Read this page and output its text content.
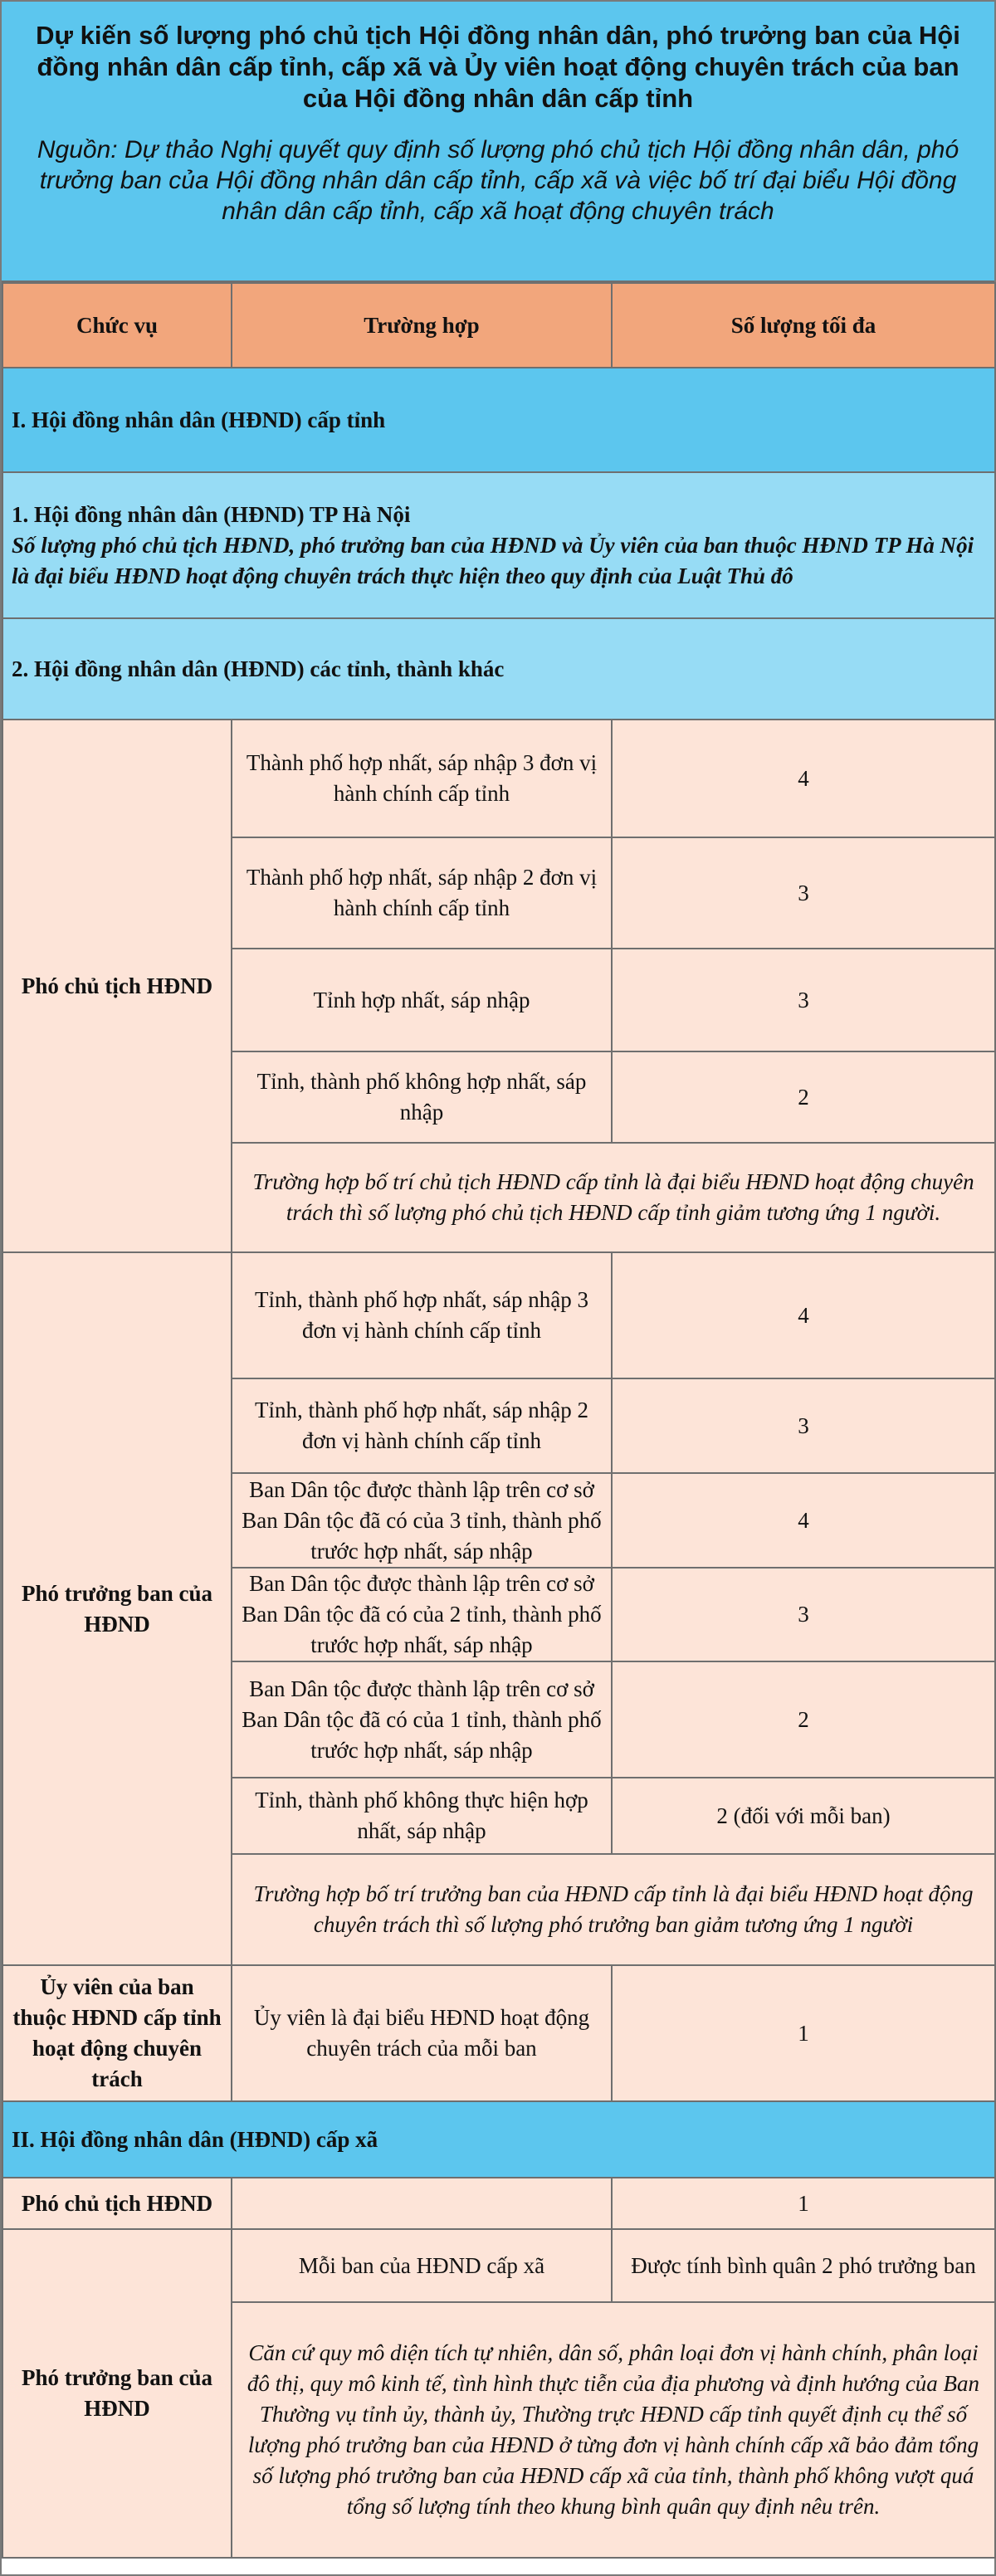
Dự kiến số lượng phó chủ tịch Hội đồng nhân dân, phó trưởng ban của Hội đồng nhân dân cấp tỉnh, cấp xã và Ủy viên hoạt động chuyên trách của ban của Hội đồng nhân dân cấp tỉnh

Nguồn: Dự thảo Nghị quyết quy định số lượng phó chủ tịch Hội đồng nhân dân, phó trưởng ban của Hội đồng nhân dân cấp tỉnh, cấp xã và việc bố trí đại biểu Hội đồng nhân dân cấp tỉnh, cấp xã hoạt động chuyên trách

Chức vụ	Trường hợp	Số lượng tối đa
I. Hội đồng nhân dân (HĐND) cấp tỉnh		

1. Hội đồng nhân dân (HĐND) TP Hà Nội
Số lượng phó chủ tịch HĐND, phó trưởng ban của HĐND và Ủy viên của ban thuộc HĐND TP Hà Nội là đại biểu HĐND hoạt động chuyên trách thực hiện theo quy định của Luật Thủ đô		

2. Hội đồng nhân dân (HĐND) các tỉnh, thành khác		
Phó chủ tịch HĐND	Thành phố hợp nhất, sáp nhập 3 đơn vị hành chính cấp tỉnh	4
	Thành phố hợp nhất, sáp nhập 2 đơn vị hành chính cấp tỉnh	3
	Tỉnh hợp nhất, sáp nhập	3
	Tỉnh, thành phố không hợp nhất, sáp nhập	2
	Trường hợp bố trí chủ tịch HĐND cấp tỉnh là đại biểu HĐND hoạt động chuyên trách thì số lượng phó chủ tịch HĐND cấp tỉnh giảm tương ứng 1 người.	
Phó trưởng ban của HĐND	Tỉnh, thành phố hợp nhất, sáp nhập 3 đơn vị hành chính cấp tỉnh	4
	Tỉnh, thành phố hợp nhất, sáp nhập 2 đơn vị hành chính cấp tỉnh	3
	Ban Dân tộc được thành lập trên cơ sở Ban Dân tộc đã có của 3 tỉnh, thành phố trước hợp nhất, sáp nhập	4
	Ban Dân tộc được thành lập trên cơ sở Ban Dân tộc đã có của 2 tỉnh, thành phố trước hợp nhất, sáp nhập	3
	Ban Dân tộc được thành lập trên cơ sở Ban Dân tộc đã có của 1 tỉnh, thành phố trước hợp nhất, sáp nhập	2
	Tỉnh, thành phố không thực hiện hợp nhất, sáp nhập	2 (đối với mỗi ban)
	Trường hợp bố trí trưởng ban của HĐND cấp tỉnh là đại biểu HĐND hoạt động chuyên trách thì số lượng phó trưởng ban giảm tương ứng 1 người	
Ủy viên của ban thuộc HĐND cấp tỉnh hoạt động chuyên trách	Ủy viên là đại biểu HĐND hoạt động chuyên trách của mỗi ban	1
II. Hội đồng nhân dân (HĐND) cấp xã		
Phó chủ tịch HĐND		1
Phó trưởng ban của HĐND	Mỗi ban của HĐND cấp xã	Được tính bình quân 2 phó trưởng ban
	Căn cứ quy mô diện tích tự nhiên, dân số, phân loại đơn vị hành chính, phân loại đô thị, quy mô kinh tế, tình hình thực tiễn của địa phương và định hướng của Ban Thường vụ tỉnh ủy, thành ủy, Thường trực HĐND cấp tỉnh quyết định cụ thể số lượng phó trưởng ban của HĐND ở từng đơn vị hành chính cấp xã bảo đảm tổng số lượng phó trưởng ban của HĐND cấp xã của tỉnh, thành phố không vượt quá tổng số lượng tính theo khung bình quân quy định nêu trên.	
